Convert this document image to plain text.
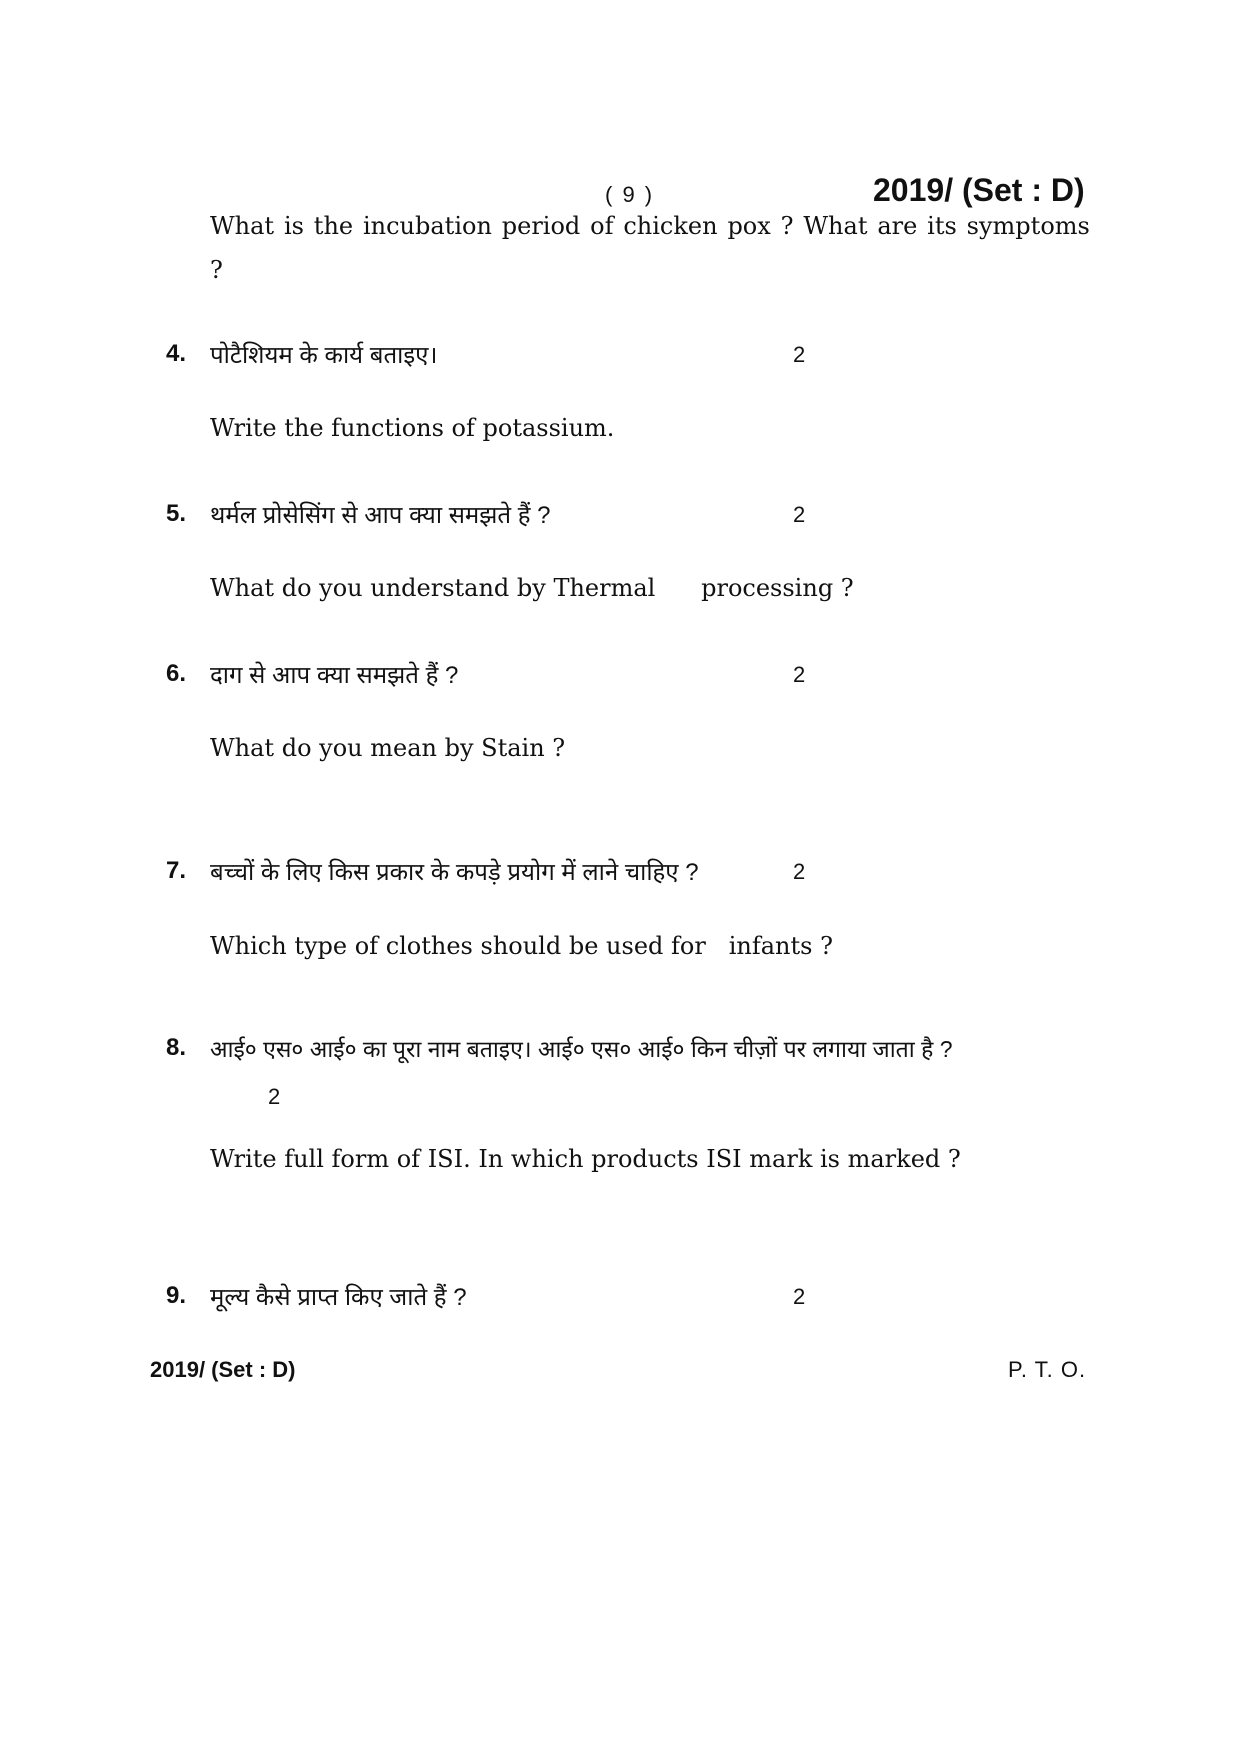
( 9 )	2019/ (Set : D)
What is the incubation period of chicken pox ? What are its symptoms
?
4. पोटैशियम के कार्य बताइए।	2
Write the functions of potassium.
5. थर्मल प्रोसेसिंग से आप क्या समझते हैं ?	2
What do you understand by Thermal      processing ?
6. दाग से आप क्या समझते हैं ?	2
What do you mean by Stain ?
7. बच्चों के लिए किस प्रकार के कपड़े प्रयोग में लाने चाहिए ?	2
Which type of clothes should be used for   infants ?
8. आई० एस० आई० का पूरा नाम बताइए। आई० एस० आई० किन चीज़ों पर लगाया जाता है ?
2
Write full form of ISI. In which products ISI mark is marked ?
9. मूल्य कैसे प्राप्त किए जाते हैं ?	2
2019/ (Set : D)	P. T. O.
